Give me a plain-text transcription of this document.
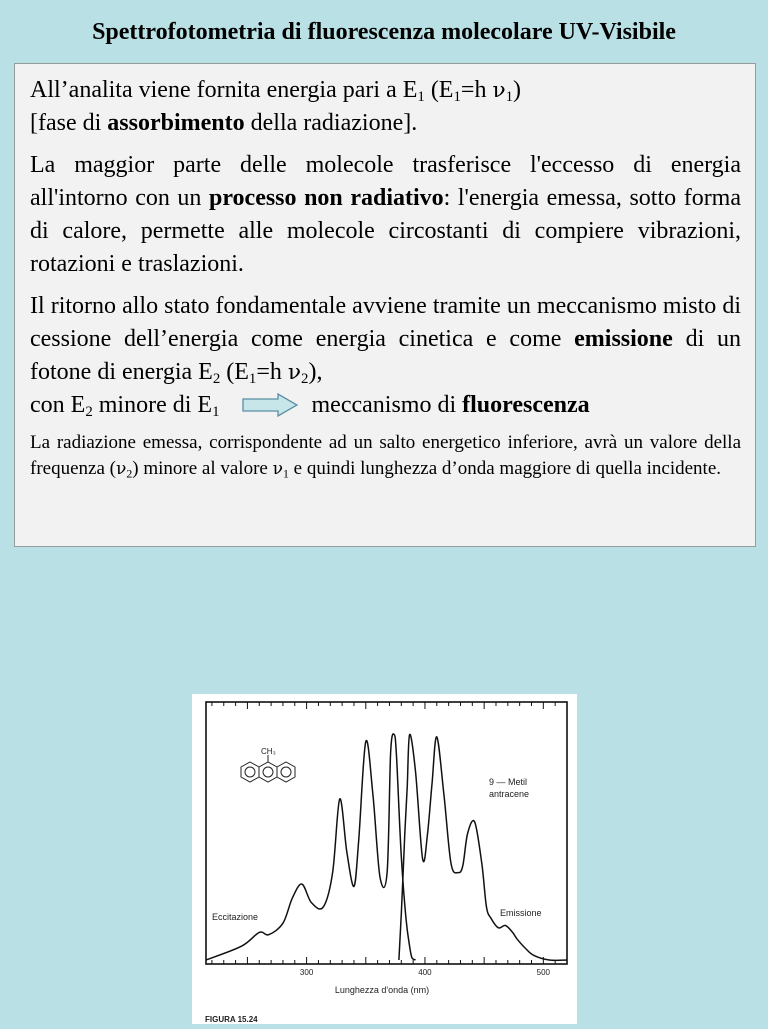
Spettrofotometria di fluorescenza molecolare UV-Visibile

All’analita viene fornita energia pari a $E_1$ ($E_1=h$ $\nu_1$)
[fase di assorbimento della radiazione].

La maggior parte delle molecole trasferisce l'eccesso di energia all'intorno con un processo non radiativo: l'energia emessa, sotto forma di calore, permette alle molecole circostanti di compiere vibrazioni, rotazioni e traslazioni.

Il ritorno allo stato fondamentale avviene tramite un meccanismo misto di cessione dell’energia come energia cinetica e come emissione di un fotone di energia $E_2$ ($E_1=h$ $\nu_2$),

con $E_2$ minore di $E_1$	meccanismo di fluorescenza

La radiazione emessa, corrispondente ad un salto energetico inferiore, avrà un valore della frequenza $(\nu_2)$ minore al valore $\nu_1$ e quindi lunghezza d’onda maggiore di quella incidente.

CH₃
9 — Metil
antracene
Eccitazione	Emissione
300	400	500
Lunghezza d'onda (nm)
FIGURA 15.24
